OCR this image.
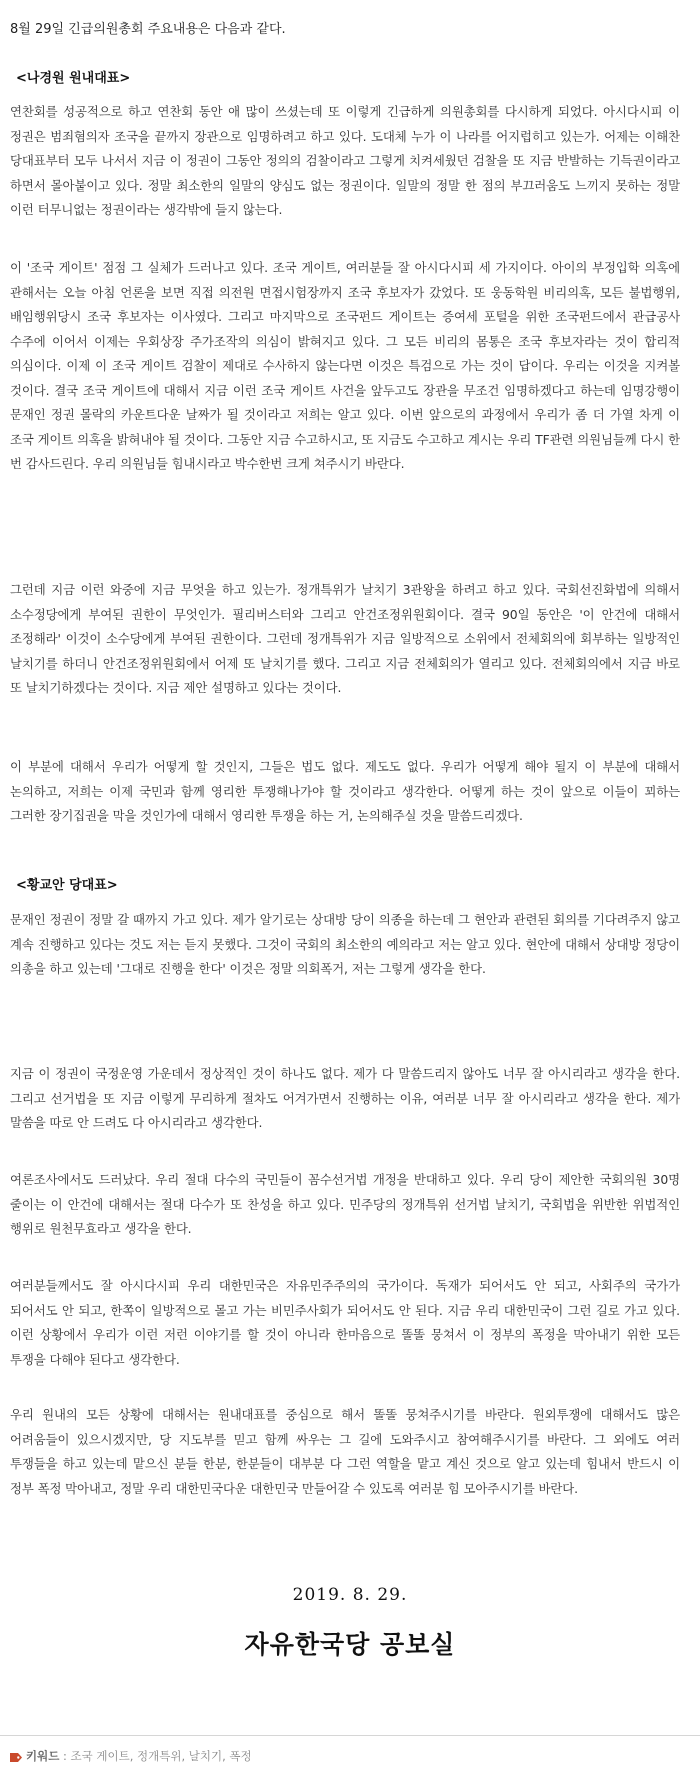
8월 29일 긴급의원총회 주요내용은 다음과 같다.
<나경원 원내대표>
연찬회를 성공적으로 하고 연찬회 동안 애 많이 쓰셨는데 또 이렇게 긴급하게 의원총회를 다시하게 되었다. 아시다시피 이 정권은 범죄혐의자 조국을 끝까지 장관으로 임명하려고 하고 있다. 도대체 누가 이 나라를 어지럽히고 있는가. 어제는 이해찬 당대표부터 모두 나서서 지금 이 정권이 그동안 정의의 검찰이라고 그렇게 치켜세웠던 검찰을 또 지금 반발하는 기득권이라고 하면서 몰아붙이고 있다. 정말 최소한의 일말의 양심도 없는 정권이다. 일말의 정말 한 점의 부끄러움도 느끼지 못하는 정말 이런 터무니없는 정권이라는 생각밖에 들지 않는다.
이 '조국 게이트' 점점 그 실체가 드러나고 있다. 조국 게이트, 여러분들 잘 아시다시피 세 가지이다. 아이의 부정입학 의혹에 관해서는 오늘 아침 언론을 보면 직접 의전원 면접시험장까지 조국 후보자가 갔었다. 또 웅동학원 비리의혹, 모든 불법행위, 배임행위당시 조국 후보자는 이사였다. 그리고 마지막으로 조국펀드 게이트는 증여세 포털을 위한 조국펀드에서 관급공사 수주에 이어서 이제는 우회상장 주가조작의 의심이 밝혀지고 있다. 그 모든 비리의 몸통은 조국 후보자라는 것이 합리적 의심이다. 이제 이 조국 게이트 검찰이 제대로 수사하지 않는다면 이것은 특검으로 가는 것이 답이다. 우리는 이것을 지켜볼 것이다. 결국 조국 게이트에 대해서 지금 이런 조국 게이트 사건을 앞두고도 장관을 무조건 임명하겠다고 하는데 임명강행이 문재인 정권 몰락의 카운트다운 날짜가 될 것이라고 저희는 알고 있다. 이번 앞으로의 과정에서 우리가 좀 더 가열 차게 이 조국 게이트 의혹을 밝혀내야 될 것이다. 그동안 지금 수고하시고, 또 지금도 수고하고 계시는 우리 TF관련 의원님들께 다시 한 번 감사드린다. 우리 의원님들 힘내시라고 박수한번 크게 쳐주시기 바란다.
그런데 지금 이런 와중에 지금 무엇을 하고 있는가. 정개특위가 날치기 3관왕을 하려고 하고 있다. 국회선진화법에 의해서 소수정당에게 부여된 권한이 무엇인가. 필리버스터와 그리고 안건조정위원회이다. 결국 90일 동안은 '이 안건에 대해서 조정해라' 이것이 소수당에게 부여된 권한이다. 그런데 정개특위가 지금 일방적으로 소위에서 전체회의에 회부하는 일방적인 날치기를 하더니 안건조정위원회에서 어제 또 날치기를 했다. 그리고 지금 전체회의가 열리고 있다. 전체회의에서 지금 바로 또 날치기하겠다는 것이다. 지금 제안 설명하고 있다는 것이다.
이 부분에 대해서 우리가 어떻게 할 것인지, 그들은 법도 없다. 제도도 없다. 우리가 어떻게 해야 될지 이 부분에 대해서 논의하고, 저희는 이제 국민과 함께 영리한 투쟁해나가야 할 것이라고 생각한다. 어떻게 하는 것이 앞으로 이들이 꾀하는 그러한 장기집권을 막을 것인가에 대해서 영리한 투쟁을 하는 거, 논의해주실 것을 말씀드리겠다.
<황교안 당대표>
문재인 정권이 정말 갈 때까지 가고 있다. 제가 알기로는 상대방 당이 의종을 하는데 그 현안과 관련된 회의를 기다려주지 않고 계속 진행하고 있다는 것도 저는 듣지 못했다. 그것이 국회의 최소한의 예의라고 저는 알고 있다. 현안에 대해서 상대방 정당이 의총을 하고 있는데 '그대로 진행을 한다' 이것은 정말 의회폭거, 저는 그렇게 생각을 한다.
지금 이 정권이 국정운영 가운데서 정상적인 것이 하나도 없다. 제가 다 말씀드리지 않아도 너무 잘 아시리라고 생각을 한다. 그리고 선거법을 또 지금 이렇게 무리하게 절차도 어겨가면서 진행하는 이유, 여러분 너무 잘 아시리라고 생각을 한다. 제가 말씀을 따로 안 드려도 다 아시리라고 생각한다.
여론조사에서도 드러났다. 우리 절대 다수의 국민들이 꼼수선거법 개정을 반대하고 있다. 우리 당이 제안한 국회의원 30명 줄이는 이 안건에 대해서는 절대 다수가 또 찬성을 하고 있다. 민주당의 정개특위 선거법 날치기, 국회법을 위반한 위법적인 행위로 원천무효라고 생각을 한다.
여러분들께서도 잘 아시다시피 우리 대한민국은 자유민주주의의 국가이다. 독재가 되어서도 안 되고, 사회주의 국가가 되어서도 안 되고, 한쪽이 일방적으로 몰고 가는 비민주사회가 되어서도 안 된다. 지금 우리 대한민국이 그런 길로 가고 있다. 이런 상황에서 우리가 이런 저런 이야기를 할 것이 아니라 한마음으로 똘똘 뭉쳐서 이 정부의 폭정을 막아내기 위한 모든 투쟁을 다해야 된다고 생각한다.
우리 원내의 모든 상황에 대해서는 원내대표를 중심으로 해서 똘똘 뭉쳐주시기를 바란다. 원외투쟁에 대해서도 많은 어려움들이 있으시겠지만, 당 지도부를 믿고 함께 싸우는 그 길에 도와주시고 참여해주시기를 바란다. 그 외에도 여러 투쟁들을 하고 있는데 맡으신 분들 한분, 한분들이 대부분 다 그런 역할을 맡고 계신 것으로 알고 있는데 힘내서 반드시 이 정부 폭정 막아내고, 정말 우리 대한민국다운 대한민국 만들어갈 수 있도록 여러분 힘 모아주시기를 바란다.
2019. 8. 29.
자유한국당 공보실
키워드 : 조국 게이트, 정개특위, 날치기, 폭정
